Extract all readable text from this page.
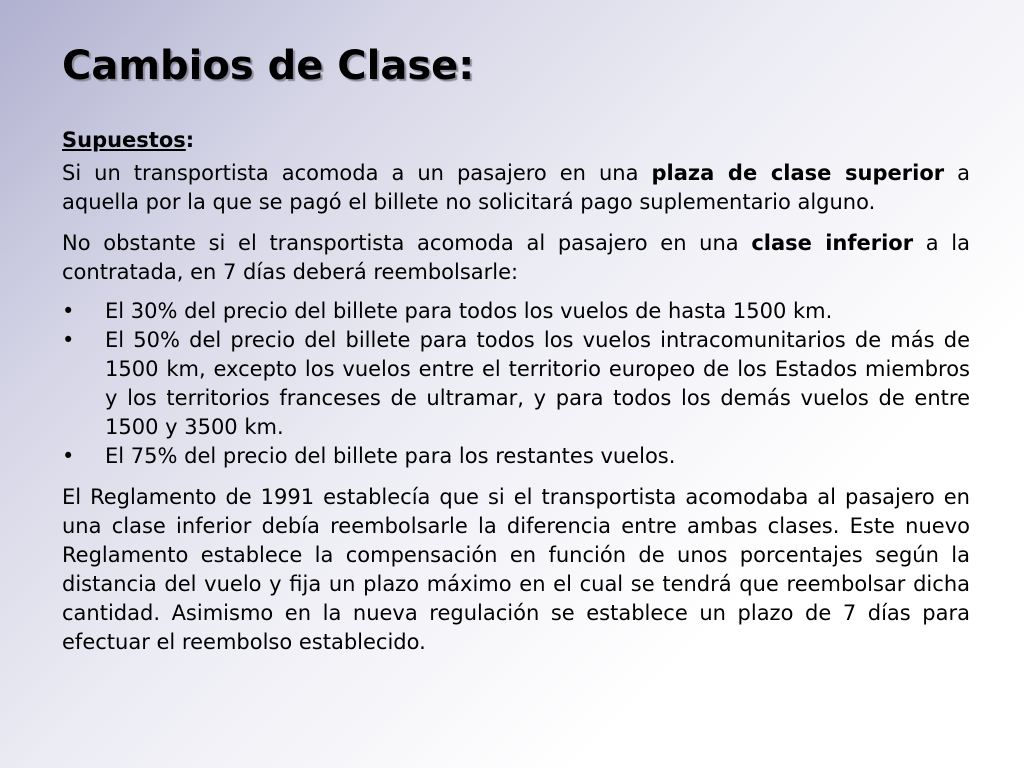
Cambios de Clase:

Supuestos:

Si un transportista acomoda a un pasajero en una plaza de clase superior a aquella por la que se pagó el billete no solicitará pago suplementario alguno.

No obstante si el transportista acomoda al pasajero en una clase inferior a la contratada, en 7 días deberá reembolsarle:

• El 30% del precio del billete para todos los vuelos de hasta 1500 km.
• El 50% del precio del billete para todos los vuelos intracomunitarios de más de 1500 km, excepto los vuelos entre el territorio europeo de los Estados miembros y los territorios franceses de ultramar, y para todos los demás vuelos de entre 1500 y 3500 km.
• El 75% del precio del billete para los restantes vuelos.

El Reglamento de 1991 establecía que si el transportista acomodaba al pasajero en una clase inferior debía reembolsarle la diferencia entre ambas clases. Este nuevo Reglamento establece la compensación en función de unos porcentajes según la distancia del vuelo y fija un plazo máximo en el cual se tendrá que reembolsar dicha cantidad. Asimismo en la nueva regulación se establece un plazo de 7 días para efectuar el reembolso establecido.
